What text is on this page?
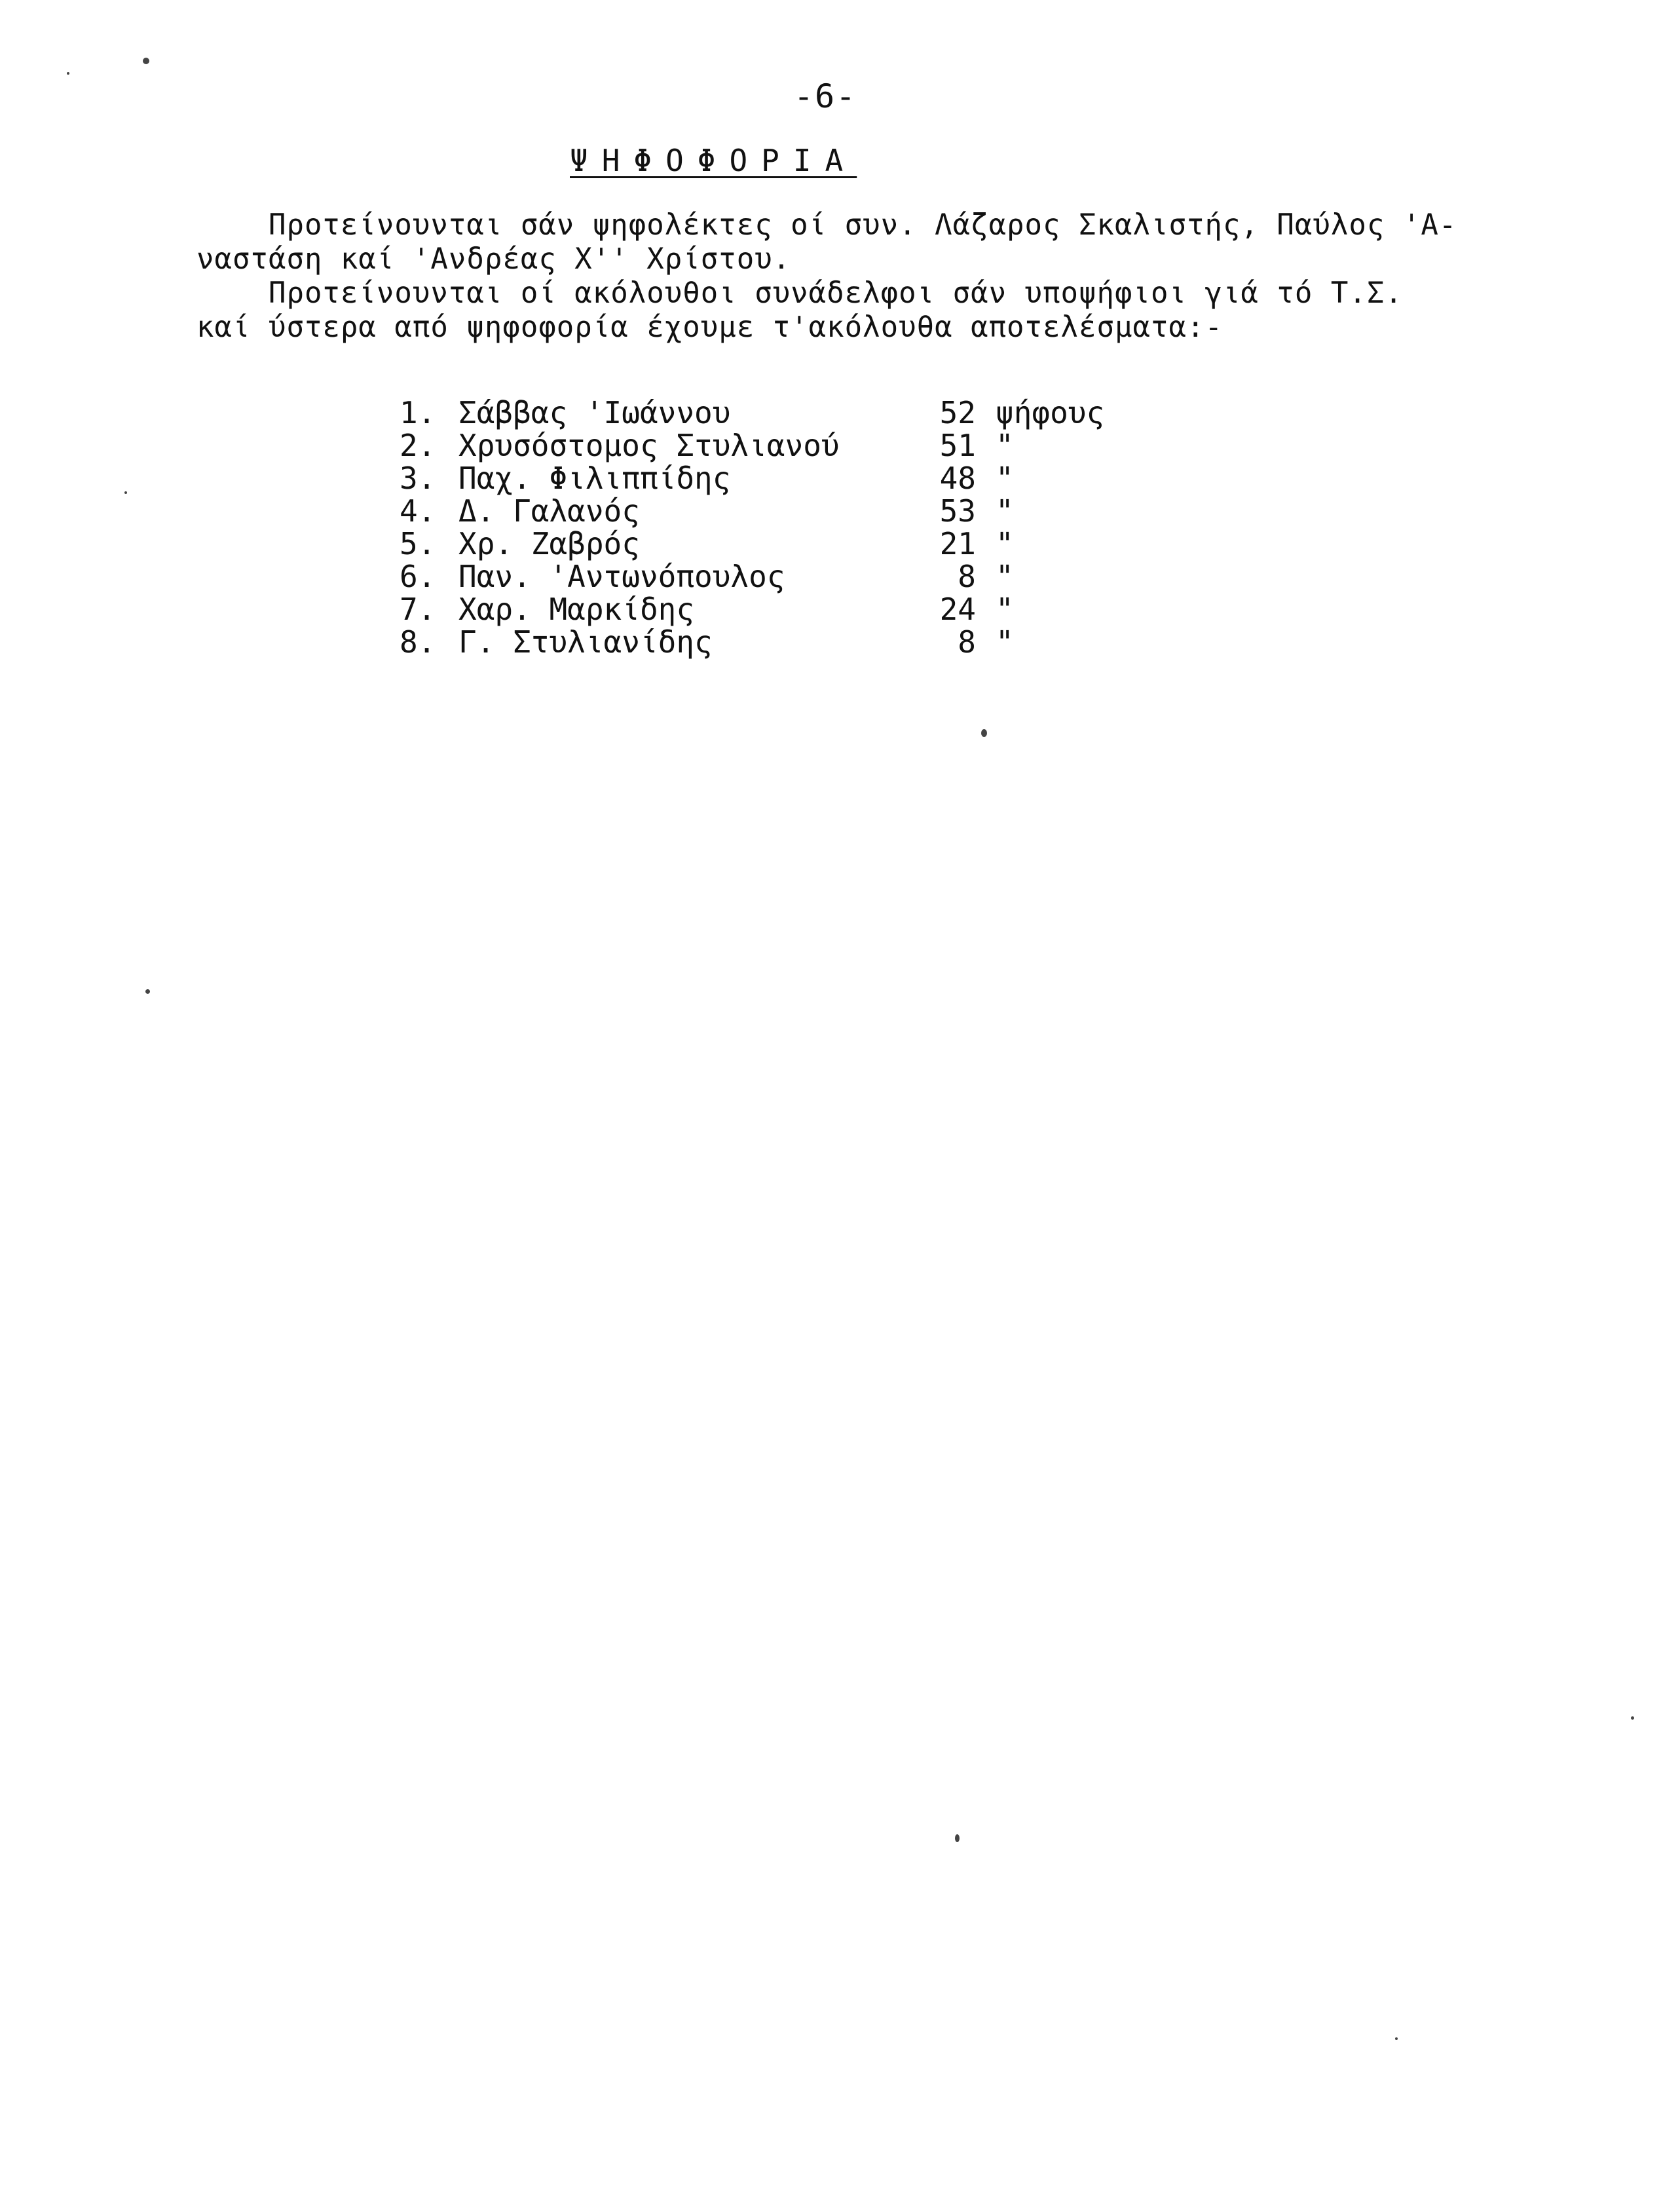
-6-
ΨΗΦΟΦΟΡΙΑ
Προτείνουνται σάν ψηφολέκτες οί συν. Λάζαρος Σκαλιστής, Παύλος 'Α-
ναστάση καί 'Ανδρέας Χ'' Χρίστου.
Προτείνουνται οί ακόλουθοι συνάδελφοι σάν υποψήφιοι γιά τό Τ.Σ.
καί ύστερα από ψηφοφορία έχουμε τ'ακόλουθα αποτελέσματα:-
1. Σάββας 'Ιωάννου	52 ψήφους
2. Χρυσόστομος Στυλιανού	51 "
3. Παχ. Φιλιππίδης	48 "
4. Δ. Γαλανός	53 "
5. Χρ. Ζαβρός	21 "
6. Παν. 'Αντωνόπουλος	8 "
7. Χαρ. Μαρκίδης	24 "
8. Γ. Στυλιανίδης	8 "
